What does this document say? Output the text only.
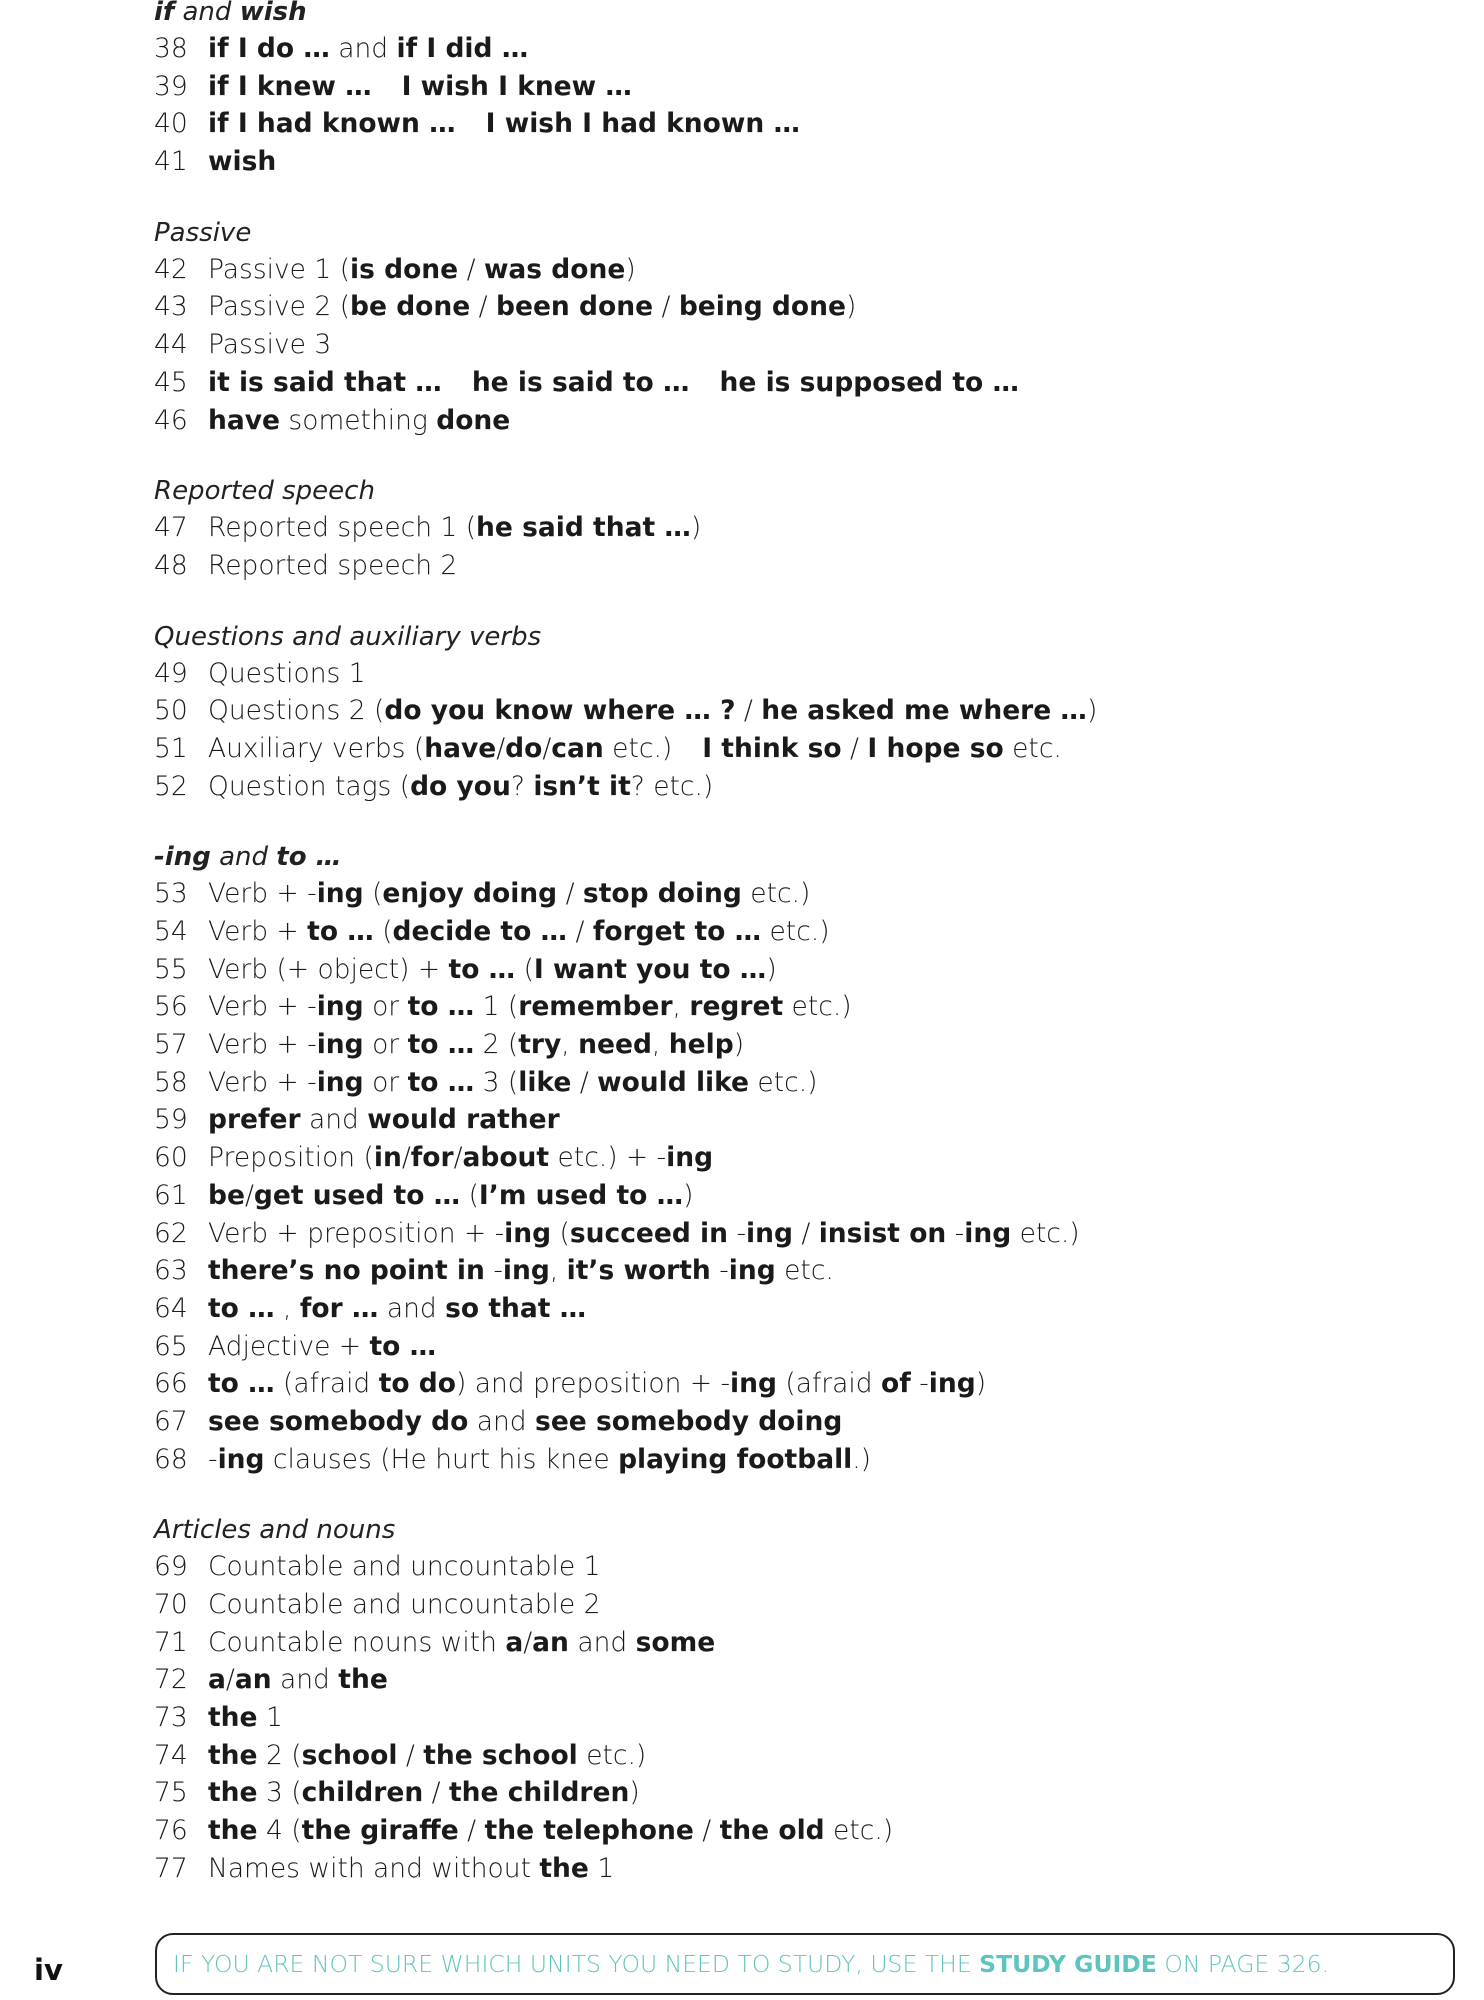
if and wish
38 if I do … and if I did …
39 if I knew … I wish I knew …
40 if I had known … I wish I had known …
41 wish
Passive
42 Passive 1 (is done / was done)
43 Passive 2 (be done / been done / being done)
44 Passive 3
45 it is said that … he is said to … he is supposed to …
46 have something done
Reported speech
47 Reported speech 1 (he said that …)
48 Reported speech 2
Questions and auxiliary verbs
49 Questions 1
50 Questions 2 (do you know where … ? / he asked me where …)
51 Auxiliary verbs (have/do/can etc.) I think so / I hope so etc.
52 Question tags (do you? isn’t it? etc.)
-ing and to …
53 Verb + -ing (enjoy doing / stop doing etc.)
54 Verb + to … (decide to … / forget to … etc.)
55 Verb (+ object) + to … (I want you to …)
56 Verb + -ing or to … 1 (remember, regret etc.)
57 Verb + -ing or to … 2 (try, need, help)
58 Verb + -ing or to … 3 (like / would like etc.)
59 prefer and would rather
60 Preposition (in/for/about etc.) + -ing
61 be/get used to … (I’m used to …)
62 Verb + preposition + -ing (succeed in -ing / insist on -ing etc.)
63 there’s no point in -ing, it’s worth -ing etc.
64 to … , for … and so that …
65 Adjective + to …
66 to … (afraid to do) and preposition + -ing (afraid of -ing)
67 see somebody do and see somebody doing
68 -ing clauses (He hurt his knee playing football.)
Articles and nouns
69 Countable and uncountable 1
70 Countable and uncountable 2
71 Countable nouns with a/an and some
72 a/an and the
73 the 1
74 the 2 (school / the school etc.)
75 the 3 (children / the children)
76 the 4 (the giraffe / the telephone / the old etc.)
77 Names with and without the 1
iv	IF YOU ARE NOT SURE WHICH UNITS YOU NEED TO STUDY, USE THE STUDY GUIDE ON PAGE 326.
